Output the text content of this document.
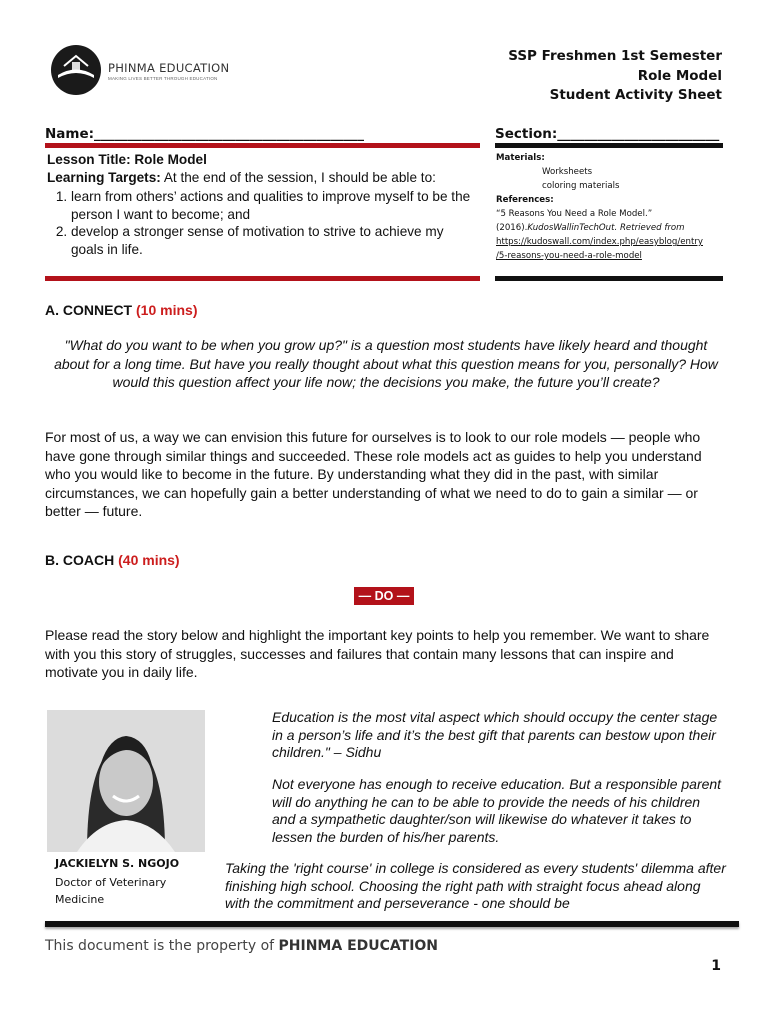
PHINMA EDUCATION
MAKING LIVES BETTER THROUGH EDUCATION
SSP Freshmen 1st Semester
Role Model
Student Activity Sheet
Name:________________________________________	Section:________________________
Lesson Title: Role Model
Learning Targets: At the end of the session, I should be able to:
1. learn from others’ actions and qualities to improve myself to be the person I want to become; and
2. develop a stronger sense of motivation to strive to achieve my goals in life.
Materials:
Worksheets
coloring materials
References:
“5 Reasons You Need a Role Model.”
(2016).KudosWallinTechOut. Retrieved from
https://kudoswall.com/index.php/easyblog/entry
/5-reasons-you-need-a-role-model
A. CONNECT (10 mins)
"What do you want to be when you grow up?" is a question most students have likely heard and thought about for a long time. But have you really thought about what this question means for you, personally? How would this question affect your life now; the decisions you make, the future you’ll create?
For most of us, a way we can envision this future for ourselves is to look to our role models — people who have gone through similar things and succeeded. These role models act as guides to help you understand who you would like to become in the future. By understanding what they did in the past, with similar circumstances, we can hopefully gain a better understanding of what we need to do to gain a similar — or better — future.
B. COACH (40 mins)
— DO —
Please read the story below and highlight the important key points to help you remember. We want to share with you this story of struggles, successes and failures that contain many lessons that can inspire and motivate you in daily life.
JACKIELYN S. NGOJO
Doctor of Veterinary Medicine
Education is the most vital aspect which should occupy the center stage in a person’s life and it’s the best gift that parents can bestow upon their children." – Sidhu
Not everyone has enough to receive education. But a responsible parent will do anything he can to be able to provide the needs of his children and a sympathetic daughter/son will likewise do whatever it takes to lessen the burden of his/her parents.
Taking the 'right course' in college is considered as every students' dilemma after finishing high school. Choosing the right path with straight focus ahead along with the commitment and perseverance - one should be
This document is the property of PHINMA EDUCATION
1
